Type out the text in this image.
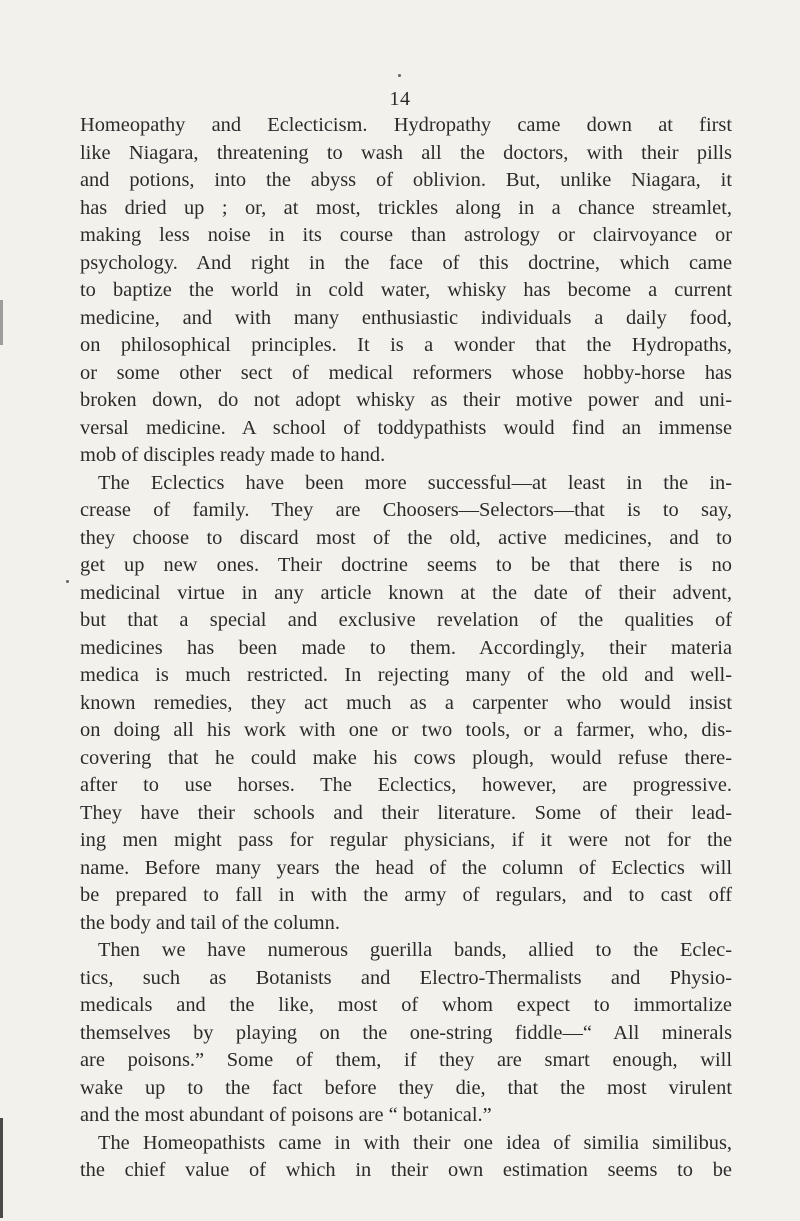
14
Homeopathy and Eclecticism. Hydropathy came down at first
like Niagara, threatening to wash all the doctors, with their pills
and potions, into the abyss of oblivion. But, unlike Niagara, it
has dried up ; or, at most, trickles along in a chance streamlet,
making less noise in its course than astrology or clairvoyance or
psychology. And right in the face of this doctrine, which came
to baptize the world in cold water, whisky has become a current
medicine, and with many enthusiastic individuals a daily food,
on philosophical principles. It is a wonder that the Hydropaths,
or some other sect of medical reformers whose hobby-horse has
broken down, do not adopt whisky as their motive power and uni-
versal medicine. A school of toddypathists would find an immense
mob of disciples ready made to hand.
The Eclectics have been more successful—at least in the in-
crease of family. They are Choosers—Selectors—that is to say,
they choose to discard most of the old, active medicines, and to
get up new ones. Their doctrine seems to be that there is no
medicinal virtue in any article known at the date of their advent,
but that a special and exclusive revelation of the qualities of
medicines has been made to them. Accordingly, their materia
medica is much restricted. In rejecting many of the old and well-
known remedies, they act much as a carpenter who would insist
on doing all his work with one or two tools, or a farmer, who, dis-
covering that he could make his cows plough, would refuse there-
after to use horses. The Eclectics, however, are progressive.
They have their schools and their literature. Some of their lead-
ing men might pass for regular physicians, if it were not for the
name. Before many years the head of the column of Eclectics will
be prepared to fall in with the army of regulars, and to cast off
the body and tail of the column.
Then we have numerous guerilla bands, allied to the Eclec-
tics, such as Botanists and Electro-Thermalists and Physio-
medicals and the like, most of whom expect to immortalize
themselves by playing on the one-string fiddle—“ All minerals
are poisons.” Some of them, if they are smart enough, will
wake up to the fact before they die, that the most virulent
and the most abundant of poisons are “ botanical.”
The Homeopathists came in with their one idea of similia similibus,
the chief value of which in their own estimation seems to be
